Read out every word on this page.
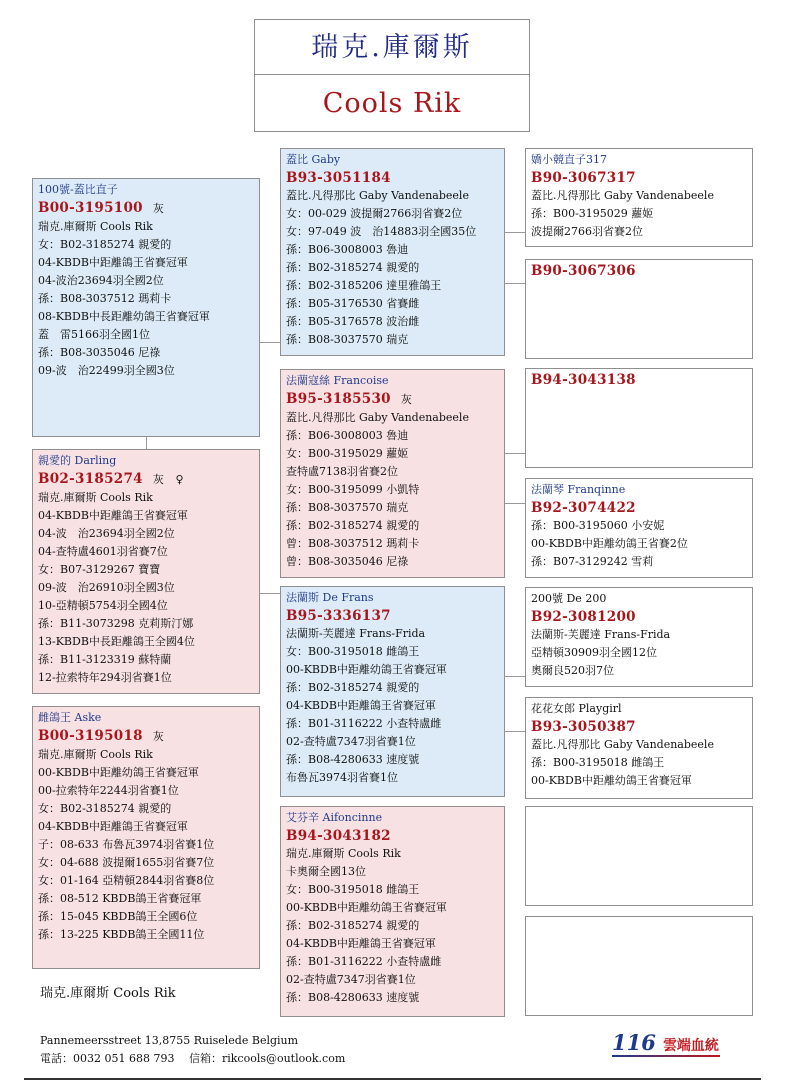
瑞克.庫爾斯
Cools Rik
100號-蓋比直子
B00-3195100 灰
瑞克.庫爾斯 Cools Rik
女：B02-3185274 親愛的
04-KBDB中距離鴿王省賽冠軍
04-波治23694羽全國2位
孫：B08-3037512 瑪莉卡
08-KBDB中長距離幼鴿王省賽冠軍
蓋　雷5166羽全國1位
孫：B08-3035046 尼祿
09-波　治22499羽全國3位
親愛的 Darling
B02-3185274 灰　♀
瑞克.庫爾斯 Cools Rik
04-KBDB中距離鴿王省賽冠軍
04-波　治23694羽全國2位
04-查特盧4601羽省賽7位
女：B07-3129267 寶寶
09-波　治26910羽全國3位
10-亞精頓5754羽全國4位
孫：B11-3073298 克莉斯汀娜
13-KBDB中長距離鴿王全國4位
孫：B11-3123319 蘇特蘭
12-拉索特年294羽省賽1位
雌鴿王 Aske
B00-3195018 灰
瑞克.庫爾斯 Cools Rik
00-KBDB中距離幼鴿王省賽冠軍
00-拉索特年2244羽省賽1位
女：B02-3185274 親愛的
04-KBDB中距離鴿王省賽冠軍
子：08-633 布魯瓦3974羽省賽1位
女：04-688 波提爾1655羽省賽7位
女：01-164 亞精頓2844羽省賽8位
孫：08-512 KBDB鴿王省賽冠軍
孫：15-045 KBDB鴿王全國6位
孫：13-225 KBDB鴿王全國11位
蓋比 Gaby
B93-3051184
蓋比.凡得那比 Gaby Vandenabeele
女：00-029 波提爾2766羽省賽2位
女：97-049 波　治14883羽全國35位
孫：B06-3008003 魯迪
孫：B02-3185274 親愛的
孫：B02-3185206 達里雅鴿王
孫：B05-3176530 省賽雌
孫：B05-3176578 波治雌
孫：B08-3037570 瑞克
法蘭寇絲 Francoise
B95-3185530 灰
蓋比.凡得那比 Gaby Vandenabeele
孫：B06-3008003 魯迪
女：B00-3195029 蘿姬
查特盧7138羽省賽2位
女：B00-3195099 小凱特
孫：B08-3037570 瑞克
孫：B02-3185274 親愛的
曾：B08-3037512 瑪莉卡
曾：B08-3035046 尼祿
法蘭斯 De Frans
B95-3336137
法蘭斯-芙麗達 Frans-Frida
女：B00-3195018 雌鴿王
00-KBDB中距離幼鴿王省賽冠軍
孫：B02-3185274 親愛的
04-KBDB中距離鴿王省賽冠軍
孫：B01-3116222 小查特盧雌
02-查特盧7347羽省賽1位
孫：B08-4280633 速度號
布魯瓦3974羽省賽1位
艾芬辛 Aifoncinne
B94-3043182
瑞克.庫爾斯 Cools Rik
卡奧爾全國13位
女：B00-3195018 雌鴿王
00-KBDB中距離幼鴿王省賽冠軍
孫：B02-3185274 親愛的
04-KBDB中距離鴿王省賽冠軍
孫：B01-3116222 小查特盧雌
02-查特盧7347羽省賽1位
孫：B08-4280633 速度號
嬌小競直子317
B90-3067317
蓋比.凡得那比 Gaby Vandenabeele
孫：B00-3195029 蘿姬
波提爾2766羽省賽2位
B90-3067306
B94-3043138
法蘭琴 Franqinne
B92-3074422
孫：B00-3195060 小安妮
00-KBDB中距離幼鴿王省賽2位
孫：B07-3129242 雪莉
200號 De 200
B92-3081200
法蘭斯-芙麗達 Frans-Frida
亞精頓30909羽全國12位
奧爾良520羽7位
花花女郎 Playgirl
B93-3050387
蓋比.凡得那比 Gaby Vandenabeele
孫：B00-3195018 雌鴿王
00-KBDB中距離幼鴿王省賽冠軍
瑞克.庫爾斯 Cools Rik
Pannemeersstreet 13,8755 Ruiselede Belgium
電話：0032 051 688 793　 信箱：rikcools@outlook.com
116 雲端血統
